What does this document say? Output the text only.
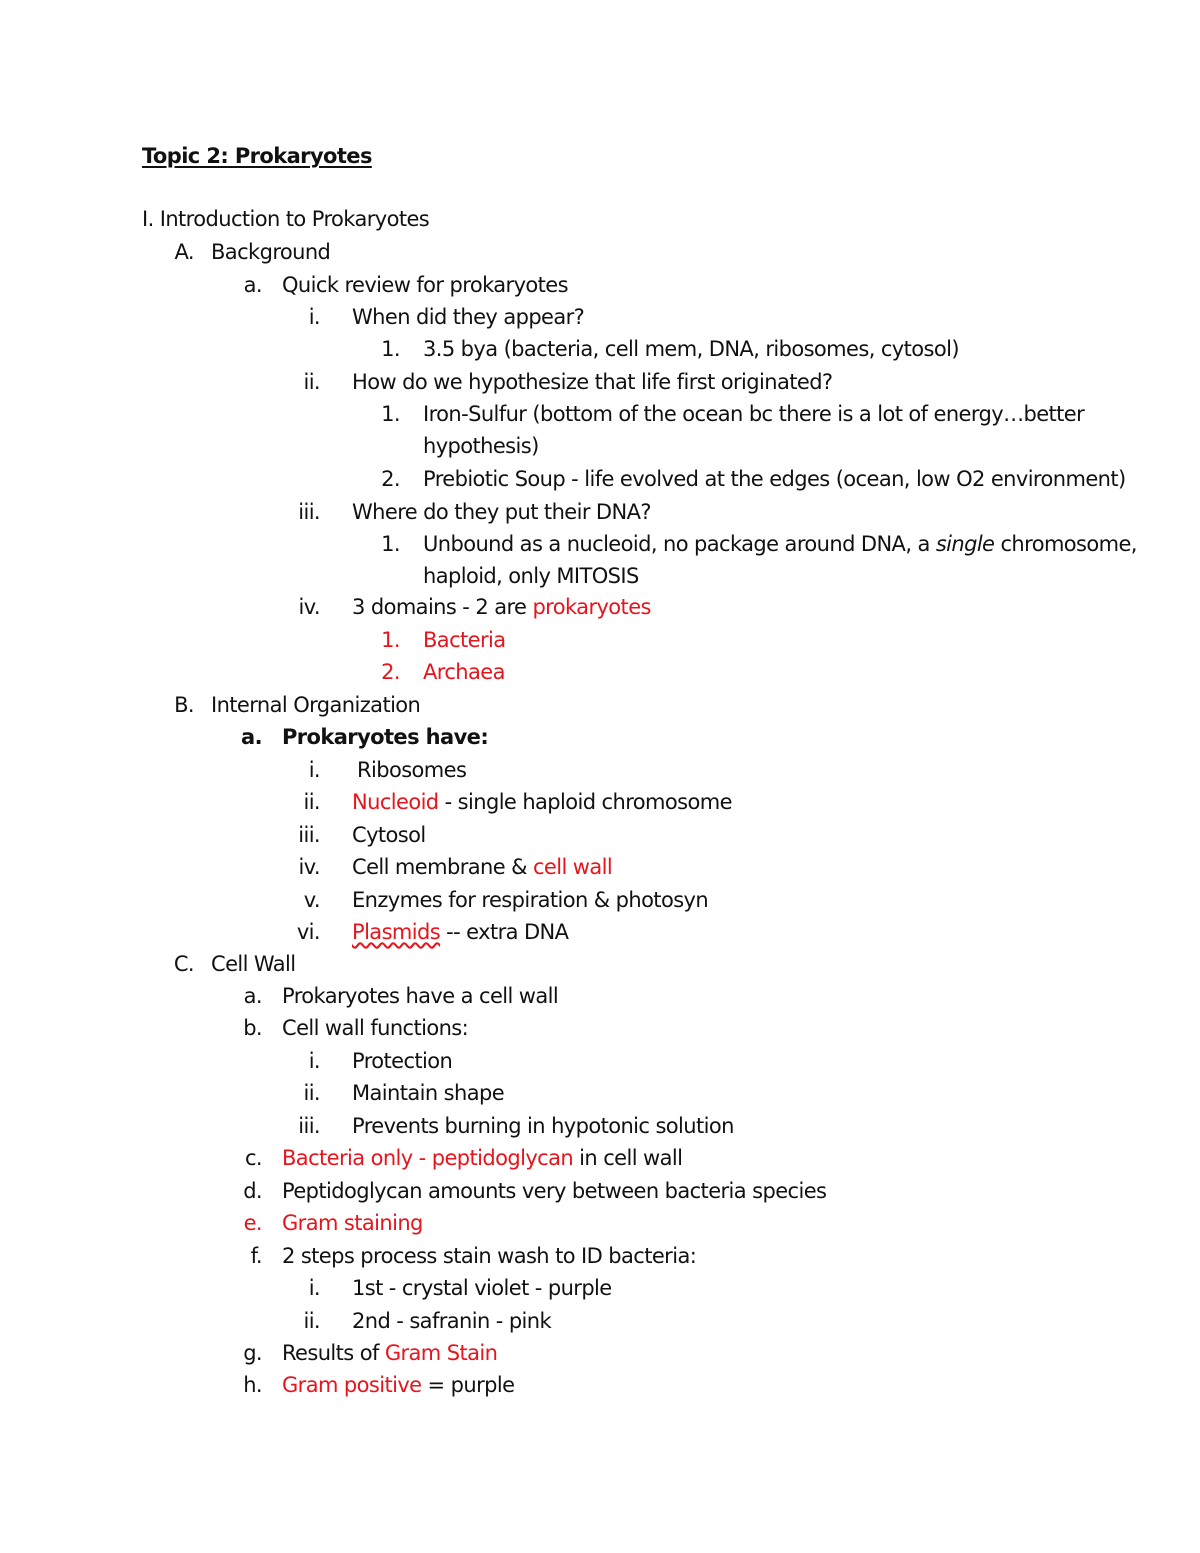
Topic 2: Prokaryotes
I. Introduction to Prokaryotes
A. Background
a. Quick review for prokaryotes
i. When did they appear?
1. 3.5 bya (bacteria, cell mem, DNA, ribosomes, cytosol)
ii. How do we hypothesize that life first originated?
1. Iron-Sulfur (bottom of the ocean bc there is a lot of energy…better
hypothesis)
2. Prebiotic Soup - life evolved at the edges (ocean, low O2 environment)
iii. Where do they put their DNA?
1. Unbound as a nucleoid, no package around DNA, a single chromosome,
haploid, only MITOSIS
iv. 3 domains - 2 are prokaryotes
1. Bacteria
2. Archaea
B. Internal Organization
a. Prokaryotes have:
i. Ribosomes
ii. Nucleoid - single haploid chromosome
iii. Cytosol
iv. Cell membrane & cell wall
v. Enzymes for respiration & photosyn
vi. Plasmids -- extra DNA
C. Cell Wall
a. Prokaryotes have a cell wall
b. Cell wall functions:
i. Protection
ii. Maintain shape
iii. Prevents burning in hypotonic solution
c. Bacteria only - peptidoglycan in cell wall
d. Peptidoglycan amounts very between bacteria species
e. Gram staining
f. 2 steps process stain wash to ID bacteria:
i. 1st - crystal violet - purple
ii. 2nd - safranin - pink
g. Results of Gram Stain
h. Gram positive = purple
